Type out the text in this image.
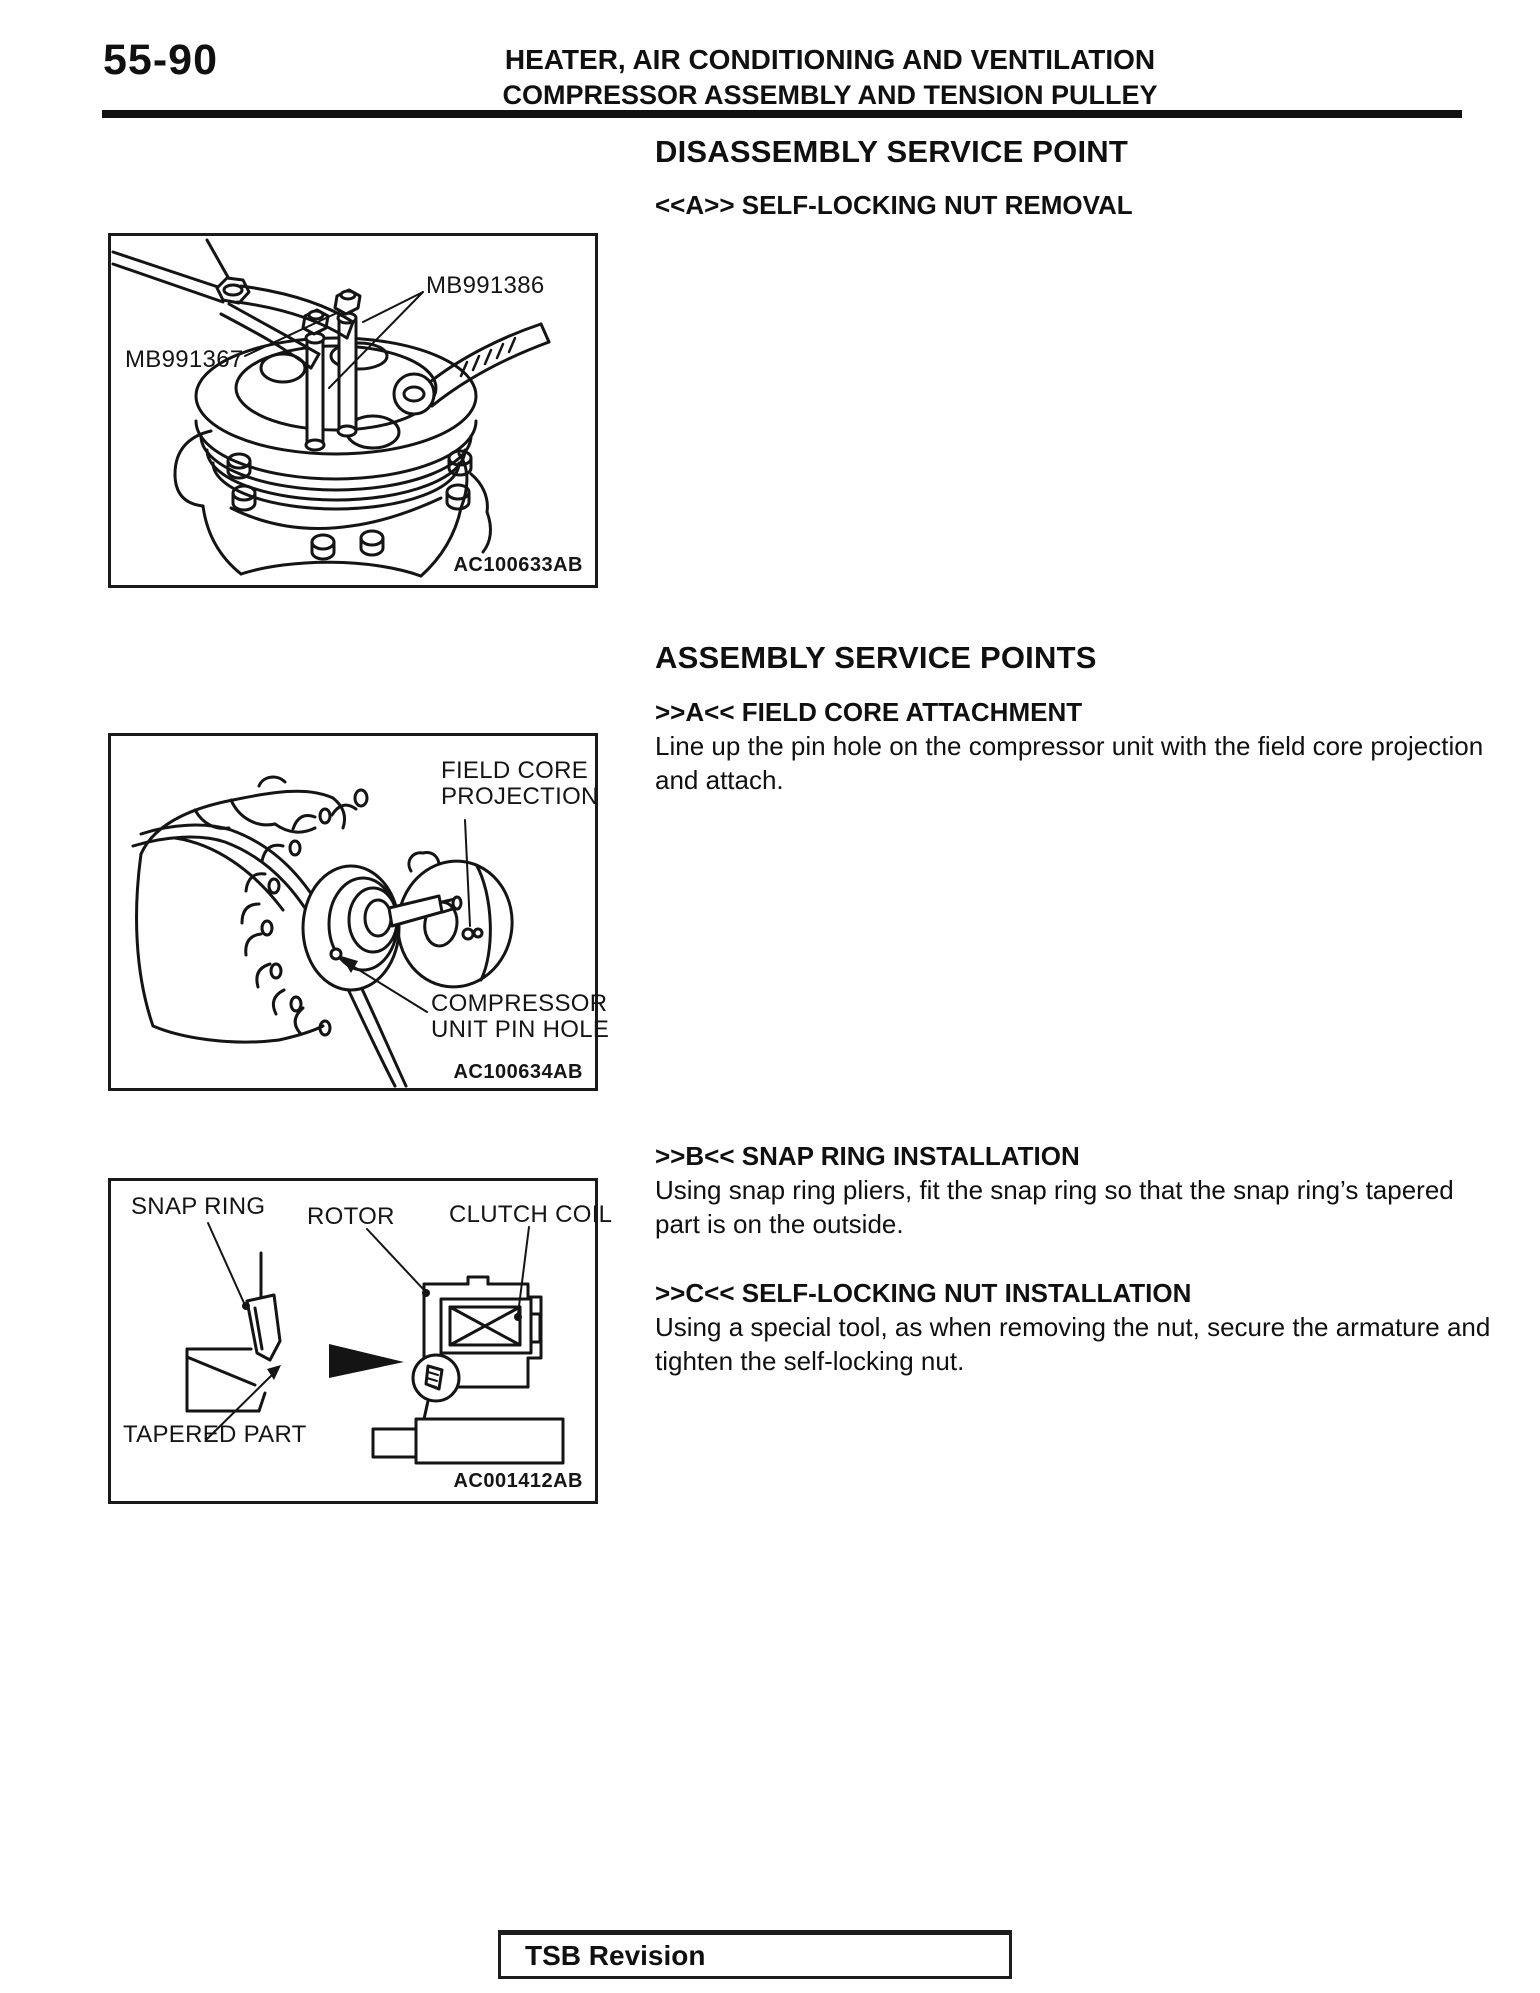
55-90	HEATER, AIR CONDITIONING AND VENTILATION
COMPRESSOR ASSEMBLY AND TENSION PULLEY
DISASSEMBLY SERVICE POINT
<<A>> SELF-LOCKING NUT REMOVAL
ASSEMBLY SERVICE POINTS
>>A<< FIELD CORE ATTACHMENT
Line up the pin hole on the compressor unit with the field core projection and attach.
>>B<< SNAP RING INSTALLATION
Using snap ring pliers, fit the snap ring so that the snap ring’s tapered part is on the outside.
>>C<< SELF-LOCKING NUT INSTALLATION
Using a special tool, as when removing the nut, secure the armature and tighten the self-locking nut.
MB991386
MB991367
AC100633AB
FIELD CORE
PROJECTION
COMPRESSOR
UNIT PIN HOLE
AC100634AB
SNAP RING ROTOR CLUTCH COIL
TAPERED PART
AC001412AB
TSB Revision
